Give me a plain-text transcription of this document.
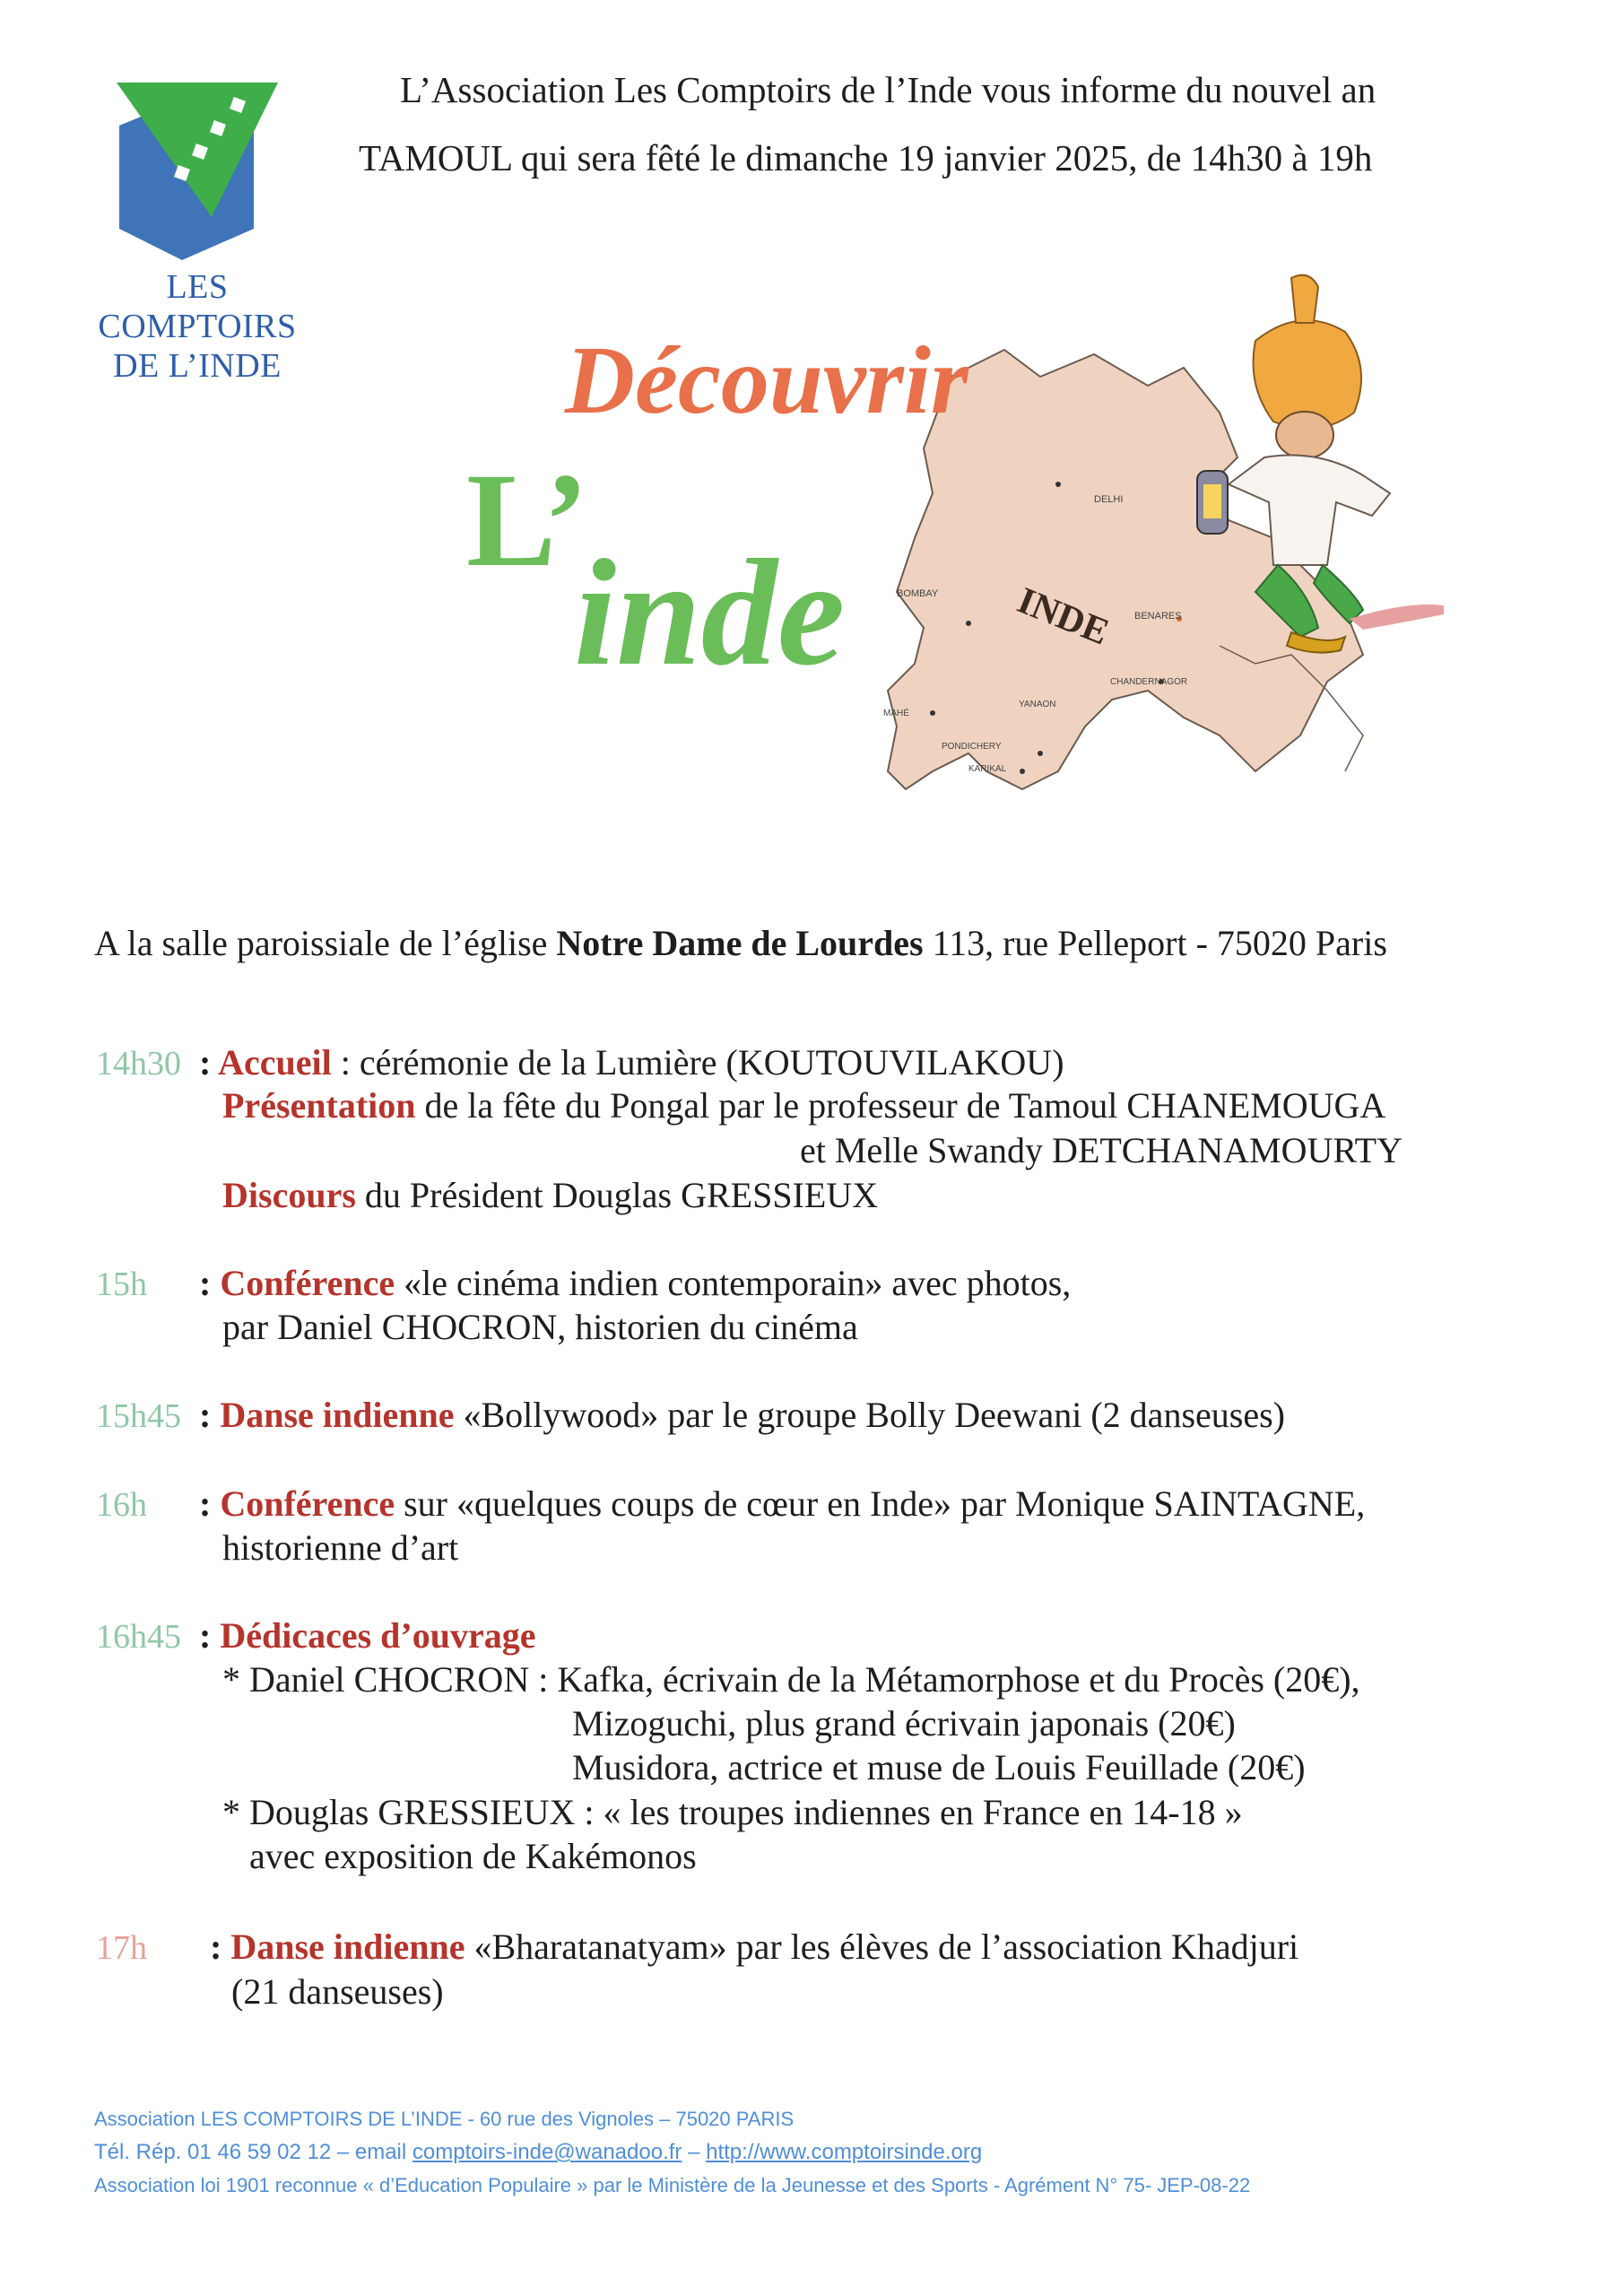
LES COMPTOIRS
DE L’INDE
L’Association Les Comptoirs de l’Inde vous informe du nouvel an
TAMOUL qui sera fêté le dimanche 19 janvier 2025, de 14h30 à 19h
DELHI
BOMBAY
BENARES
CHANDERNAGOR
YANAON
MAHÉ
PONDICHERY
KARIKAL
INDE
Découvrir
L’
inde
A la salle paroissiale de l’église Notre Dame de Lourdes 113, rue Pelleport - 75020 Paris
14h30 : Accueil : cérémonie de la Lumière (KOUTOUVILAKOU)
Présentation de la fête du Pongal par le professeur de Tamoul CHANEMOUGA
et Melle Swandy DETCHANAMOURTY
Discours du Président Douglas GRESSIEUX
15h : Conférence «le cinéma indien contemporain» avec photos,
par Daniel CHOCRON, historien du cinéma
15h45 : Danse indienne «Bollywood» par le groupe Bolly Deewani (2 danseuses)
16h : Conférence sur «quelques coups de cœur en Inde» par Monique SAINTAGNE,
historienne d’art
16h45 : Dédicaces d’ouvrage
* Daniel CHOCRON : Kafka, écrivain de la Métamorphose et du Procès (20€),
Mizoguchi, plus grand écrivain japonais (20€)
Musidora, actrice et muse de Louis Feuillade (20€)
* Douglas GRESSIEUX : « les troupes indiennes en France en 14-18 »
avec exposition de Kakémonos
17h : Danse indienne «Bharatanatyam» par les élèves de l’association Khadjuri
(21 danseuses)
Association LES COMPTOIRS DE L’INDE - 60 rue des Vignoles – 75020 PARIS
Tél. Rép. 01 46 59 02 12 – email comptoirs-inde@wanadoo.fr – http://www.comptoirsinde.org
Association loi 1901 reconnue « d’Education Populaire » par le Ministère de la Jeunesse et des Sports - Agrément N° 75- JEP-08-22
